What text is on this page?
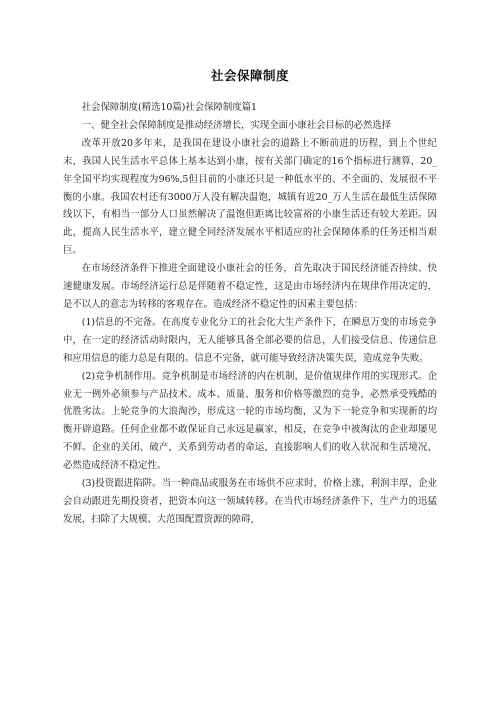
社会保障制度

社会保障制度(精选10篇)社会保障制度篇1

一、健全社会保障制度是推动经济增长，实现全面小康社会目标的必然选择

改革开放20多年来，是我国在建设小康社会的道路上不断前进的历程，到上个世纪末，我国人民生活水平总体上基本达到小康，按有关部门确定的16个指标进行测算，20_年全国平均实现程度为96%,5但目前的小康还只是一种低水平的、不全面的、发展很不平衡的小康。我国农村还有3000万人没有解决温饱，城镇有近20_万人生活在最低生活保障线以下，有相当一部分人口虽然解决了温饱但距离比较富裕的小康生活还有较大差距。因此，提高人民生活水平，建立健全同经济发展水平相适应的社会保障体系的任务还相当艰巨。

在市场经济条件下推进全面建设小康社会的任务，首先取决于国民经济能否持续、快速健康发展。市场经济运行总是伴随着不稳定性，这是由市场经济内在规律作用决定的，是不以人的意志为转移的客观存在。造成经济不稳定性的因素主要包括：

(1)信息的不完备。在高度专业化分工的社会化大生产条件下，在瞬息万变的市场竞争中，在一定的经济活动时限内，无人能够具备全部必要的信息，人们接受信息、传递信息和应用信息的能力总是有限的。信息不完备，就可能导致经济决策失误，造成竞争失败。

(2)竞争机制作用。竞争机制是市场经济的内在机制，是价值规律作用的实现形式。企业无一例外必须参与产品技术、成本、质量、服务和价格等激烈的竞争，必然承受残酷的优胜劣汰。上轮竞争的大浪淘沙，形成这一轮的市场均衡，又为下一轮竞争和实现新的均衡开辟道路。任何企业都不敢保证自己永远是赢家，相反，在竞争中被淘汰的企业却屡见不鲜。企业的关闭、破产，关系到劳动者的命运，直接影响人们的收入状况和生活境况，必然造成经济不稳定性。

(3)投资跟进陷阱。当一种商品或服务在市场供不应求时，价格上涨，利润丰厚，企业会自动跟进先期投资者，把资本向这一领域转移。在当代市场经济条件下，生产力的迅猛发展，扫除了大规模、大范围配置资源的障碍，
